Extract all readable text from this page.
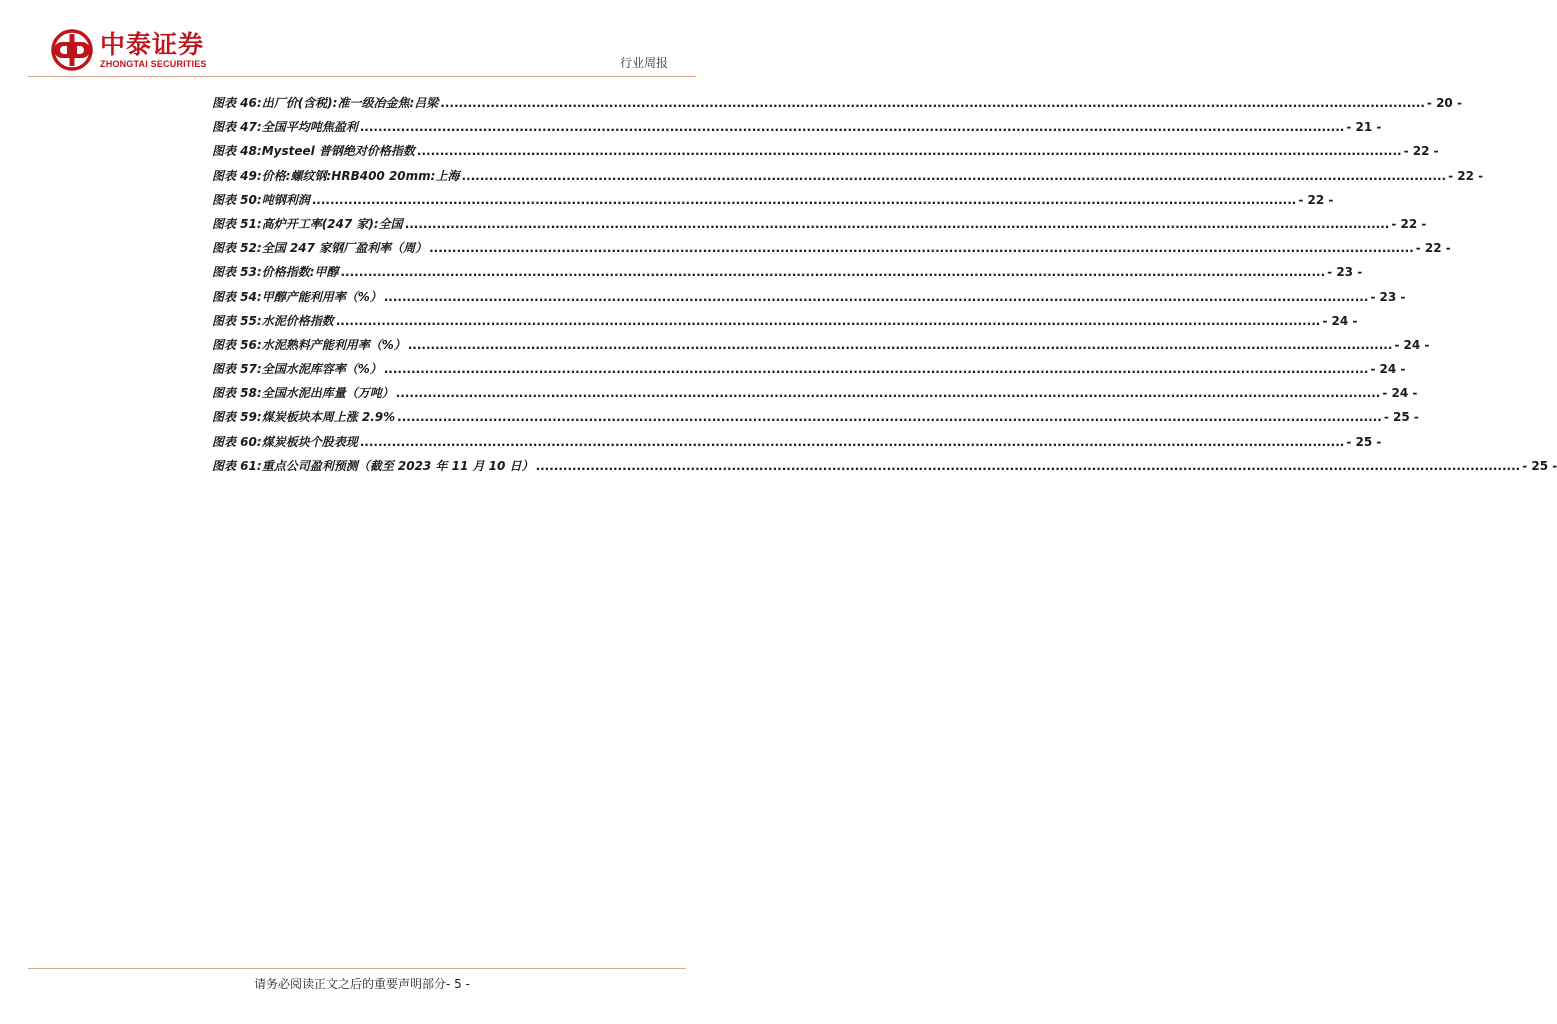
中泰证券
ZHONGTAI SECURITIES	行业周报
图表 46: 出厂价(含税):准一级冶金焦:吕梁 .....	- 20 -
图表 47: 全国平均吨焦盈利 .....	- 21 -
图表 48: Mysteel 普钢绝对价格指数 .....	- 22 -
图表 49: 价格:螺纹钢:HRB400 20mm:上海 .....	- 22 -
图表 50: 吨钢利润 .....	- 22 -
图表 51: 高炉开工率(247 家):全国 .....	- 22 -
图表 52: 全国 247 家钢厂盈利率（周） .....	- 22 -
图表 53: 价格指数:甲醇 .....	- 23 -
图表 54: 甲醇产能利用率（%） .....	- 23 -
图表 55: 水泥价格指数 .....	- 24 -
图表 56: 水泥熟料产能利用率（%） .....	- 24 -
图表 57: 全国水泥库容率（%） .....	- 24 -
图表 58: 全国水泥出库量（万吨） .....	- 24 -
图表 59: 煤炭板块本周上涨 2.9% .....	- 25 -
图表 60: 煤炭板块个股表现 .....	- 25 -
图表 61: 重点公司盈利预测（截至 2023 年 11 月 10 日） .....	- 25 -
请务必阅读正文之后的重要声明部分- 5 -
